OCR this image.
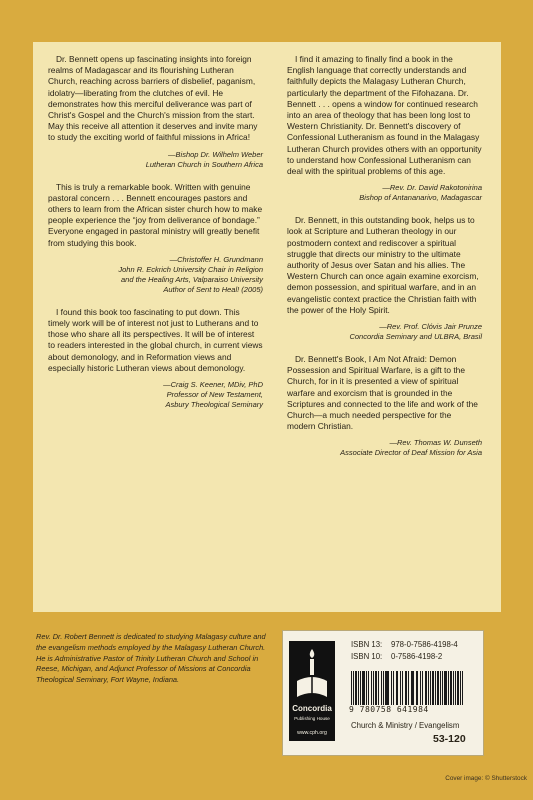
Dr. Bennett opens up fascinating insights into foreign realms of Madagascar and its flourishing Lutheran Church, reaching across barriers of disbelief, paganism, idolatry—liberating from the clutches of evil. He demonstrates how this merciful deliverance was part of Christ's Gospel and the Church's mission from the start. May this receive all attention it deserves and invite many to study the exciting world of faithful missions in Africa!

—Bishop Dr. Wilhelm Weber

Lutheran Church in Southern Africa

This is truly a remarkable book. Written with genuine pastoral concern . . . Bennett encourages pastors and others to learn from the African sister church how to make people experience the “joy from deliverance of bondage.” Everyone engaged in pastoral ministry will greatly benefit from studying this book.

—Christoffer H. Grundmann

John R. Eckrich University Chair in Religion

and the Healing Arts, Valparaiso University

Author of Sent to Heal! (2005)

I found this book too fascinating to put down. This timely work will be of interest not just to Lutherans and to those who share all its perspectives. It will be of interest to readers interested in the global church, in current views about demonology, and in Reformation views and especially historic Lutheran views about demonology.

—Craig S. Keener, MDiv, PhD

Professor of New Testament,

Asbury Theological Seminary

I find it amazing to finally find a book in the English language that correctly understands and faithfully depicts the Malagasy Lutheran Church, particularly the department of the Fifohazana. Dr. Bennett . . . opens a window for continued research into an area of theology that has been long lost to Western Christianity. Dr. Bennett's discovery of Confessional Lutheranism as found in the Malagasy Lutheran Church provides others with an opportunity to understand how Confessional Lutheranism can deal with the spiritual problems of this age.

—Rev. Dr. David Rakotonirina

Bishop of Antananarivo, Madagascar

Dr. Bennett, in this outstanding book, helps us to look at Scripture and Lutheran theology in our postmodern context and rediscover a spiritual struggle that directs our ministry to the ultimate authority of Jesus over Satan and his allies. The Western Church can once again examine exorcism, demon possession, and spiritual warfare, and in an evangelistic context practice the Christian faith with the power of the Holy Spirit.

—Rev. Prof. Clóvis Jair Prunze

Concordia Seminary and ULBRA, Brasil

Dr. Bennett's Book, I Am Not Afraid: Demon Possession and Spiritual Warfare, is a gift to the Church, for in it is presented a view of spiritual warfare and exorcism that is grounded in the Scriptures and connected to the life and work of the Church—a much needed perspective for the modern Christian.

—Rev. Thomas W. Dunseth

Associate Director of Deaf Mission for Asia

Rev. Dr. Robert Bennett is dedicated to studying Malagasy culture and the evangelism methods employed by the Malagasy Lutheran Church. He is Administrative Pastor of Trinity Lutheran Church and School in Reese, Michigan, and Adjunct Professor of Missions at Concordia Theological Seminary, Fort Wayne, Indiana.
Concordia
Publishing House
www.cph.org
ISBN 13: 978-0-7586-4198-4
ISBN 10: 0-7586-4198-2
9 780758 641984
Church & Ministry / Evangelism
53-120
Cover image: © Shutterstock
